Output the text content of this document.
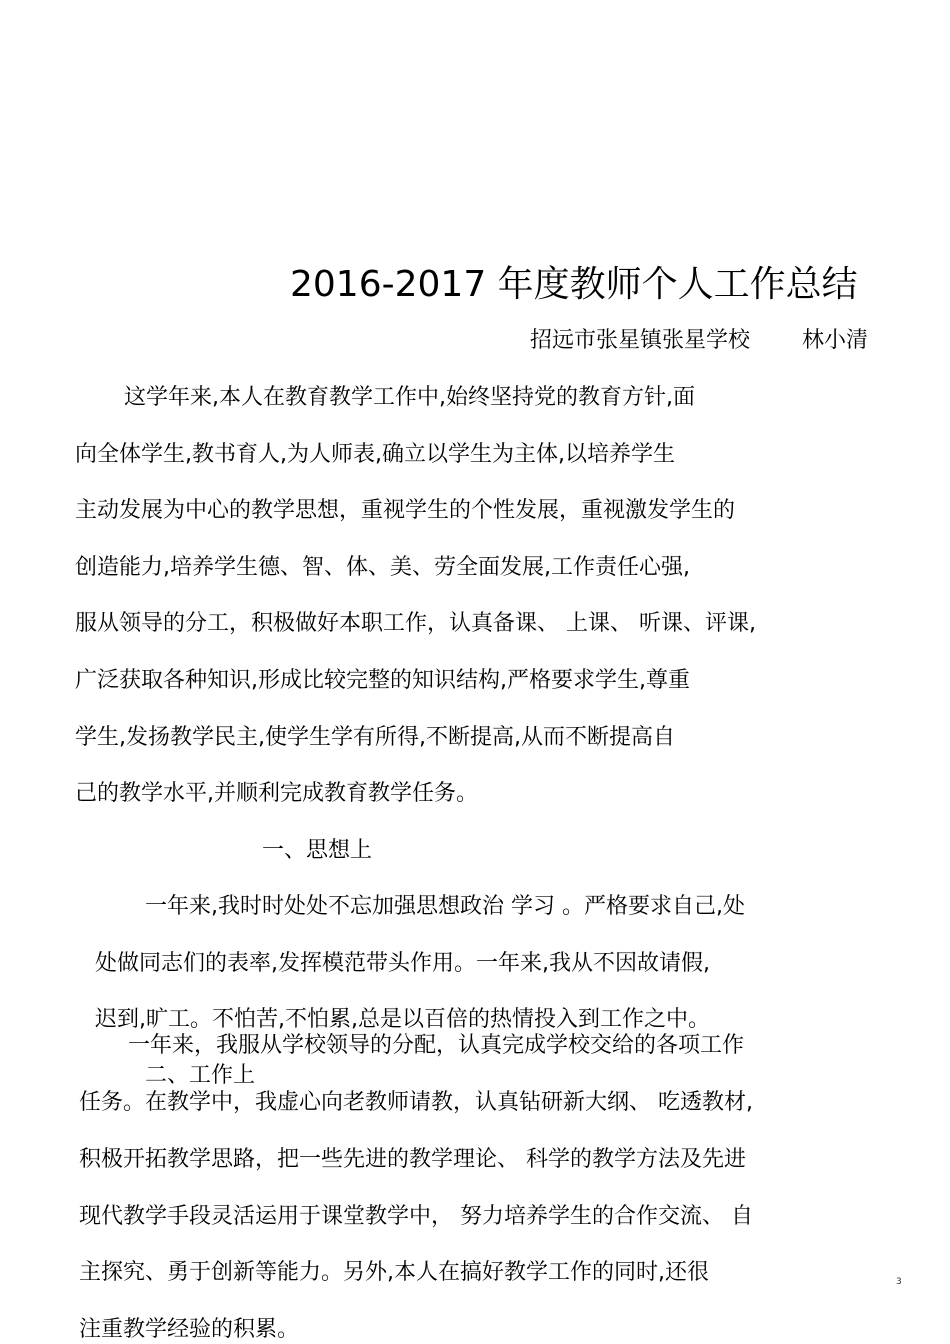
2016-2017 年度教师个人工作总结
招远市张星镇张星学校 林小清
这学年来,本人在教育教学工作中,始终坚持党的教育方针,面
向全体学生,教书育人,为人师表,确立以学生为主体,以培养学生
主动发展为中心的教学思想，重视学生的个性发展，重视激发学生的
创造能力,培养学生德、智、体、美、劳全面发展,工作责任心强,
服从领导的分工，积极做好本职工作，认真备课、 上课、 听课、评课,
广泛获取各种知识,形成比较完整的知识结构,严格要求学生,尊重
学生,发扬教学民主,使学生学有所得,不断提高,从而不断提高自
己的教学水平,并顺利完成教育教学任务。
一、思想上
一年来,我时时处处不忘加强思想政治 学习 。严格要求自己,处
处做同志们的表率,发挥模范带头作用。一年来,我从不因故请假,
迟到,旷工。不怕苦,不怕累,总是以百倍的热情投入到工作之中。
一年来，我服从学校领导的分配，认真完成学校交给的各项工作
二、工作上
任务。在教学中，我虚心向老教师请教，认真钻研新大纲、 吃透教材,
积极开拓教学思路，把一些先进的教学理论、 科学的教学方法及先进
现代教学手段灵活运用于课堂教学中， 努力培养学生的合作交流、 自
主探究、勇于创新等能力。另外,本人在搞好教学工作的同时,还很
注重教学经验的积累。
3
